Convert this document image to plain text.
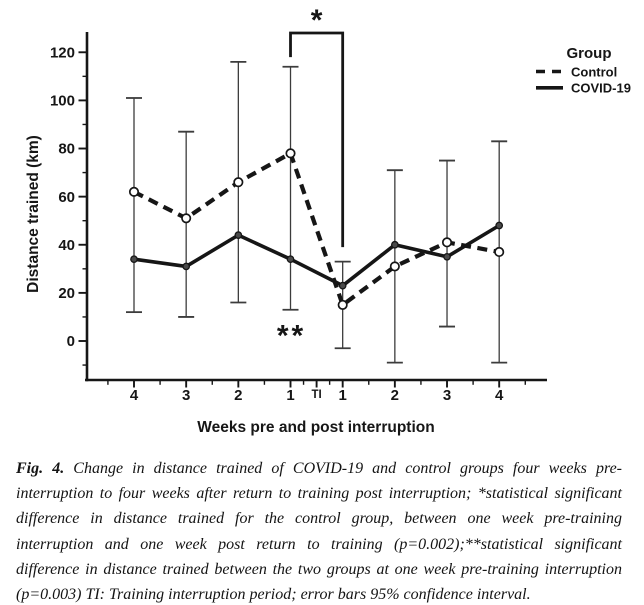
0
20
40
60
80
100
120
4	3	2	1 TI 1	2	3	4
Weeks pre and post interruption
Distance trained (km)
*
**
Group
Control
COVID-19

Fig. 4. Change in distance trained of COVID-19 and control groups four weeks pre-interruption to four weeks after return to training post interruption; *statistical significant difference in distance trained for the control group, between one week pre-training interruption and one week post return to training (p=0.002);**statistical significant difference in distance trained between the two groups at one week pre-training interruption (p=0.003) TI: Training interruption period; error bars 95% confidence interval.
